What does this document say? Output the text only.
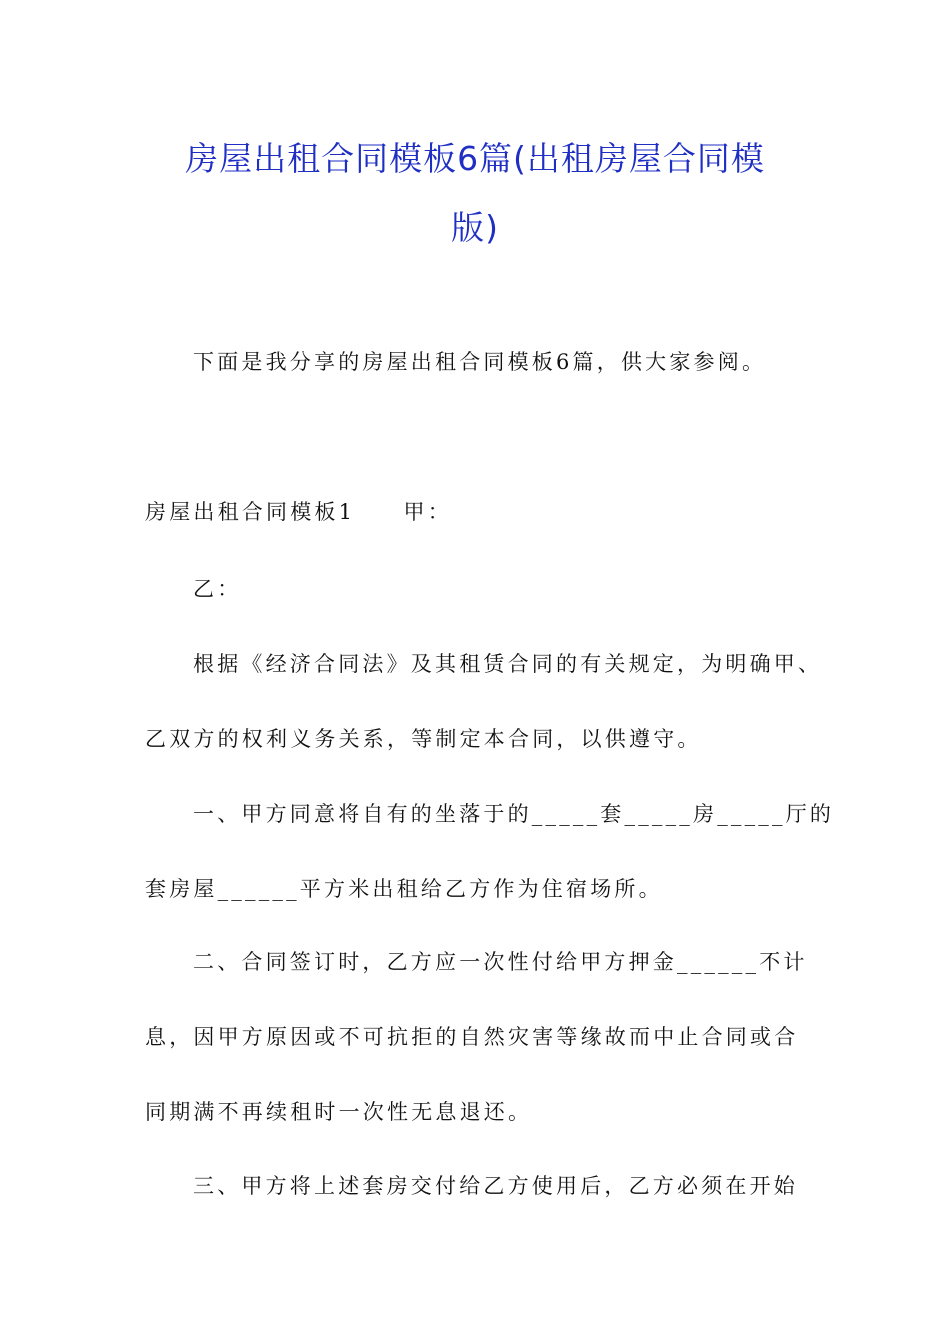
房屋出租合同模板6篇(出租房屋合同模
版)

下面是我分享的房屋出租合同模板6篇，供大家参阅。

房屋出租合同模板1　　甲：

乙：

根据《经济合同法》及其租赁合同的有关规定，为明确甲、

乙双方的权利义务关系，等制定本合同，以供遵守。

一、甲方同意将自有的坐落于的_____套_____房_____厅的

套房屋______平方米出租给乙方作为住宿场所。

二、合同签订时，乙方应一次性付给甲方押金______不计

息，因甲方原因或不可抗拒的自然灾害等缘故而中止合同或合

同期满不再续租时一次性无息退还。

三、甲方将上述套房交付给乙方使用后，乙方必须在开始
